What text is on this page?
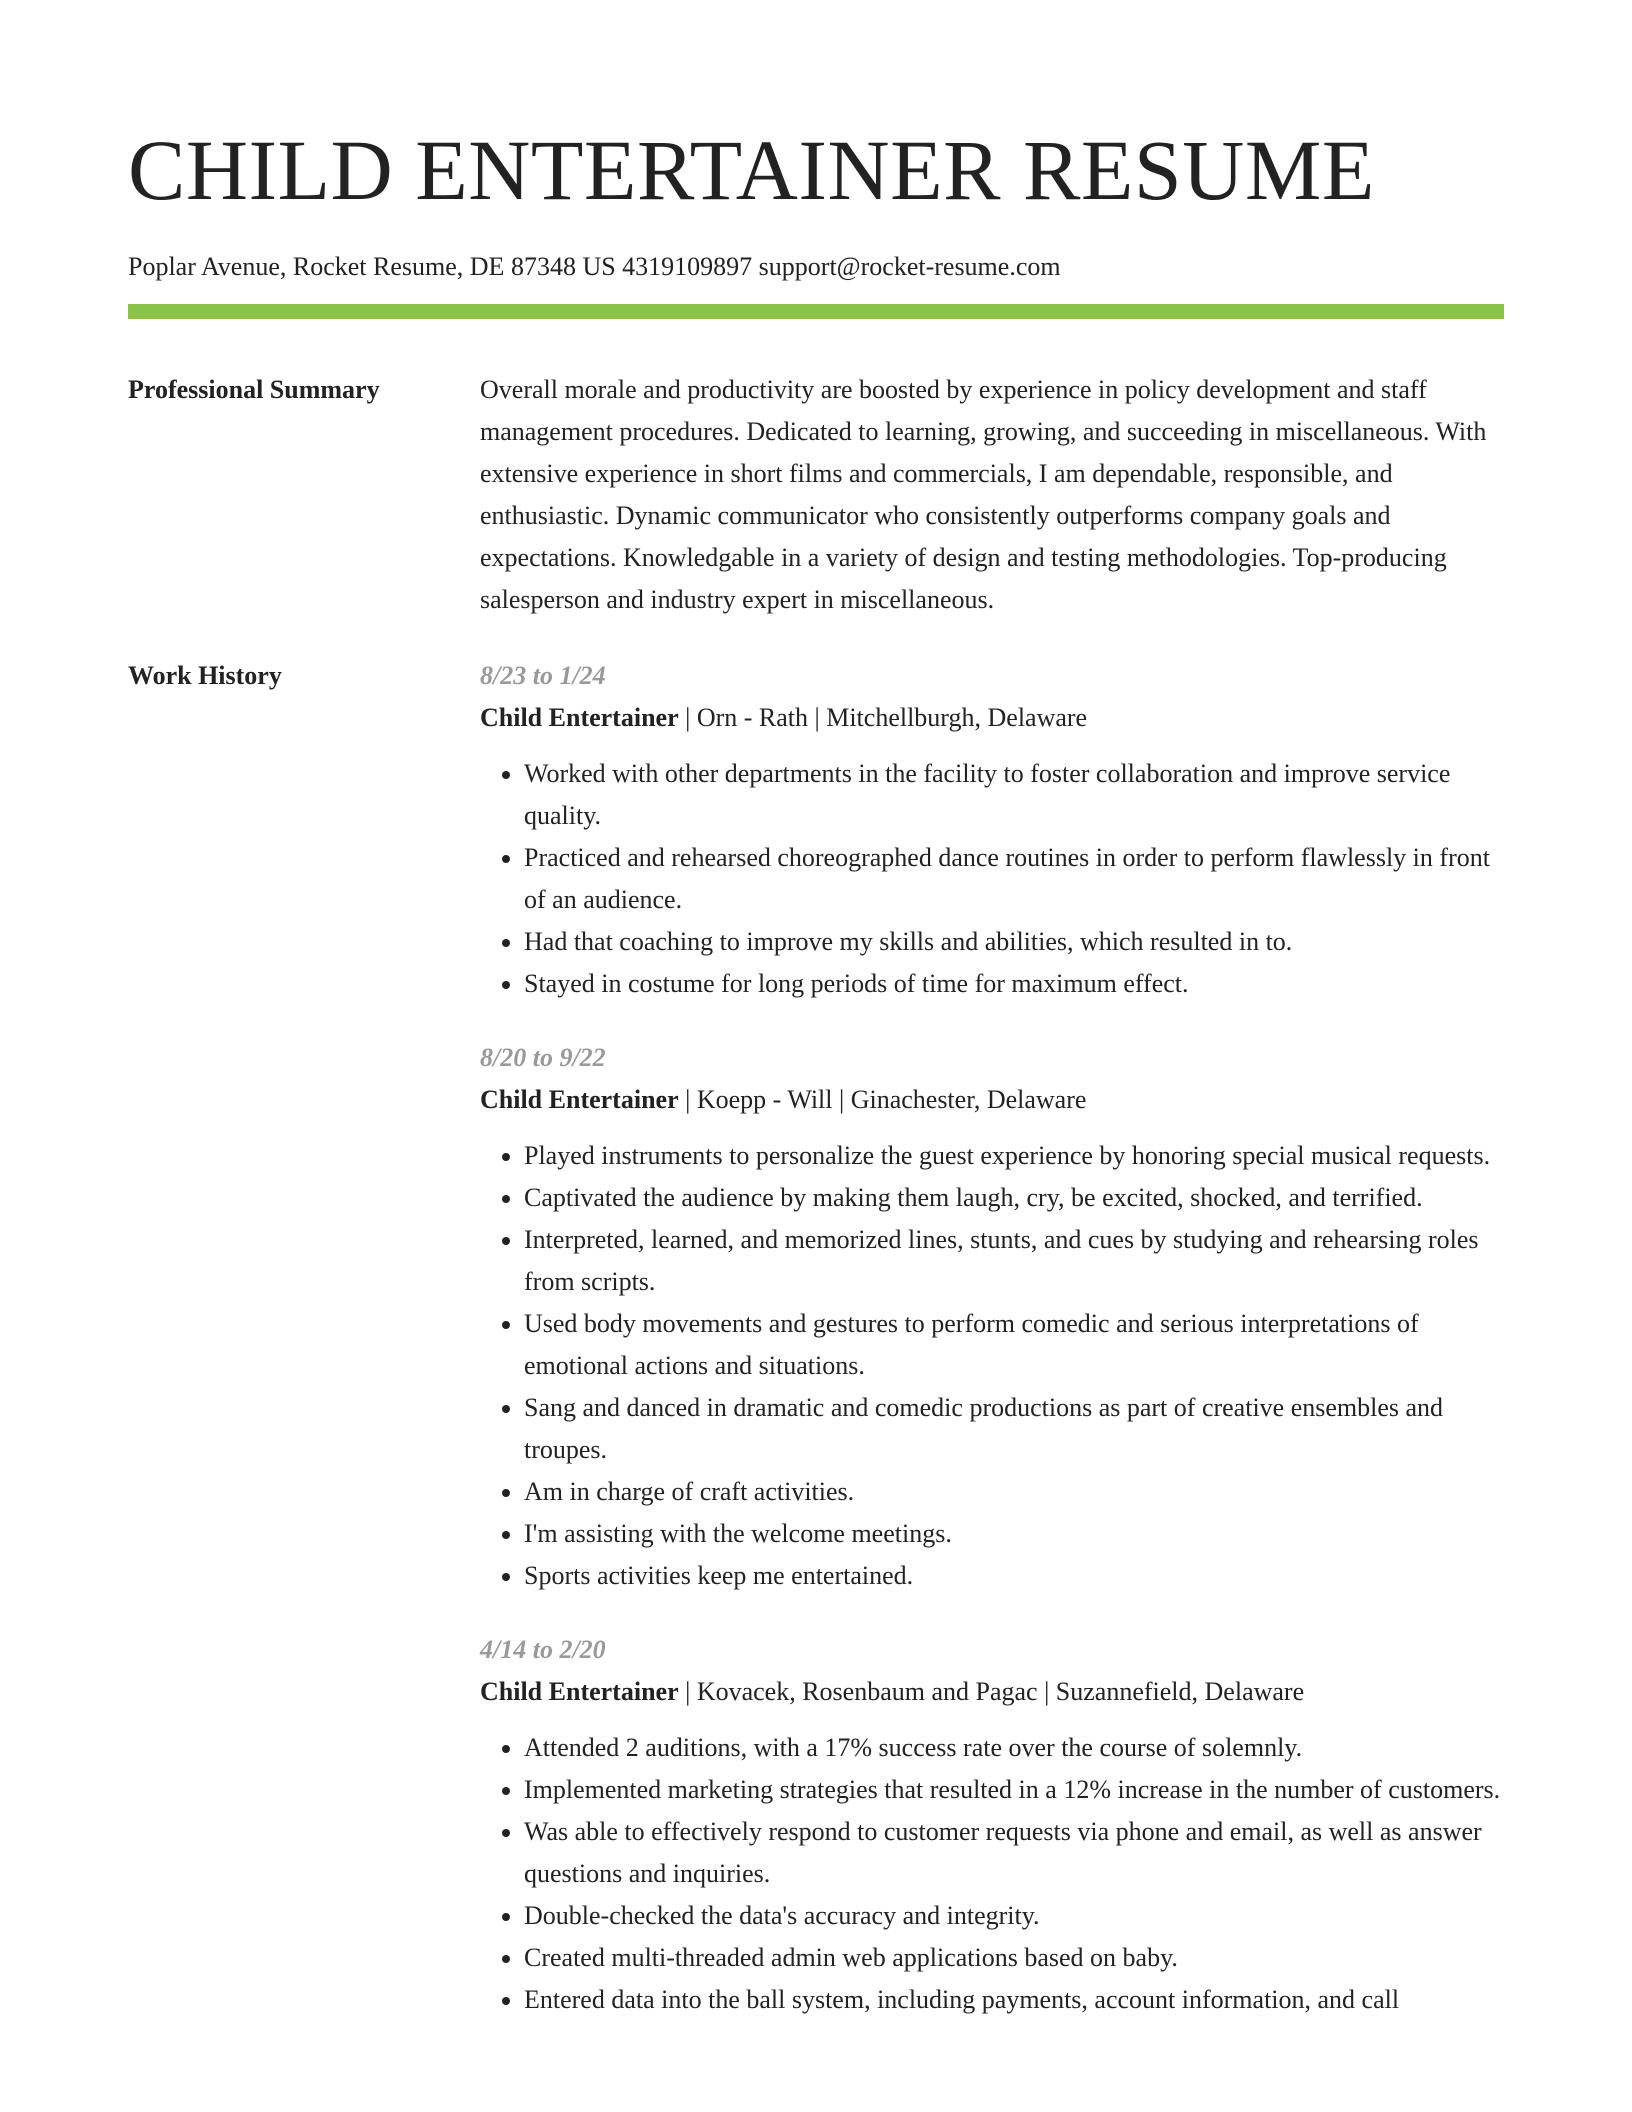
CHILD ENTERTAINER RESUME
Poplar Avenue, Rocket Resume, DE 87348 US 4319109897 support@rocket-resume.com
Professional Summary	Overall morale and productivity are boosted by experience in policy development and staff management procedures. Dedicated to learning, growing, and succeeding in miscellaneous. With extensive experience in short films and commercials, I am dependable, responsible, and enthusiastic. Dynamic communicator who consistently outperforms company goals and expectations. Knowledgable in a variety of design and testing methodologies. Top-producing salesperson and industry expert in miscellaneous.

Work History	8/23 to 1/24
Child Entertainer | Orn - Rath | Mitchellburgh, Delaware
• Worked with other departments in the facility to foster collaboration and improve service quality.
• Practiced and rehearsed choreographed dance routines in order to perform flawlessly in front of an audience.
• Had that coaching to improve my skills and abilities, which resulted in to.
• Stayed in costume for long periods of time for maximum effect.
8/20 to 9/22
Child Entertainer | Koepp - Will | Ginachester, Delaware
• Played instruments to personalize the guest experience by honoring special musical requests.
• Captivated the audience by making them laugh, cry, be excited, shocked, and terrified.
• Interpreted, learned, and memorized lines, stunts, and cues by studying and rehearsing roles from scripts.
• Used body movements and gestures to perform comedic and serious interpretations of emotional actions and situations.
• Sang and danced in dramatic and comedic productions as part of creative ensembles and troupes.
• Am in charge of craft activities.
• I'm assisting with the welcome meetings.
• Sports activities keep me entertained.
4/14 to 2/20
Child Entertainer | Kovacek, Rosenbaum and Pagac | Suzannefield, Delaware
• Attended 2 auditions, with a 17% success rate over the course of solemnly.
• Implemented marketing strategies that resulted in a 12% increase in the number of customers.
• Was able to effectively respond to customer requests via phone and email, as well as answer questions and inquiries.
• Double-checked the data's accuracy and integrity.
• Created multi-threaded admin web applications based on baby.
• Entered data into the ball system, including payments, account information, and call
